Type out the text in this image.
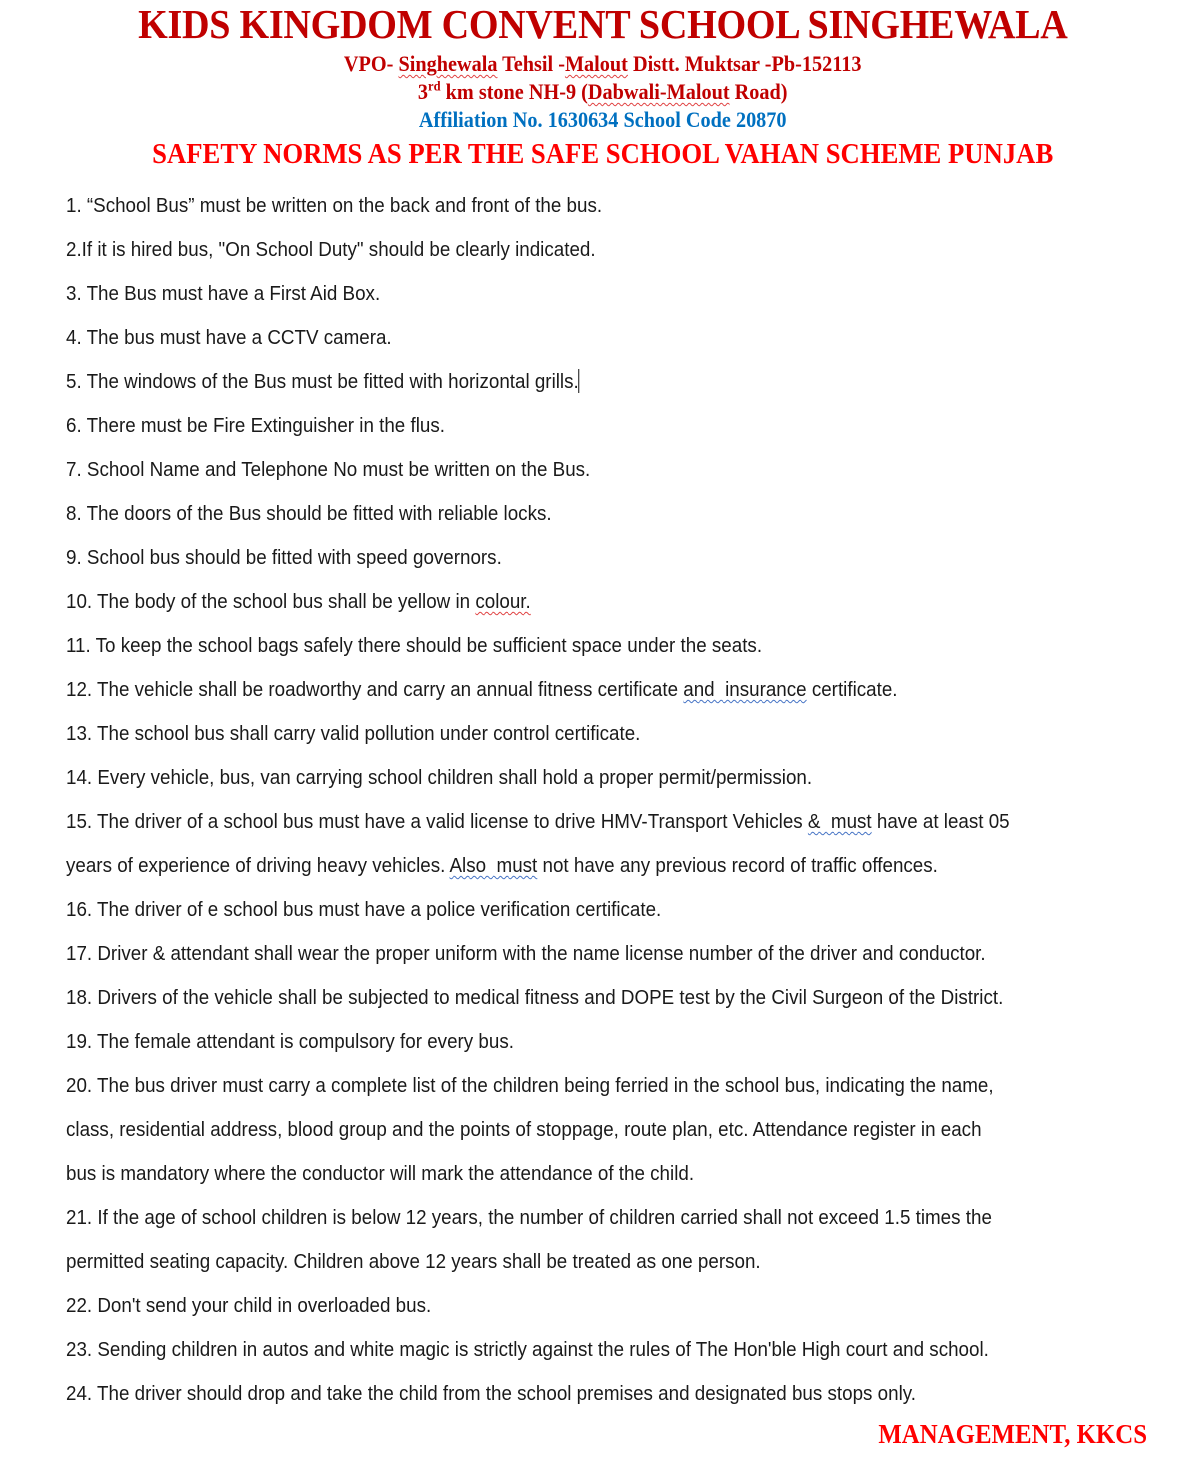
KIDS KINGDOM CONVENT SCHOOL SINGHEWALA
VPO- Singhewala Tehsil -Malout Distt. Muktsar -Pb-152113
3rd km stone NH-9 (Dabwali-Malout Road)
Affiliation No. 1630634 School Code 20870
SAFETY NORMS AS PER THE SAFE SCHOOL VAHAN SCHEME PUNJAB
1. “School Bus” must be written on the back and front of the bus.
2.If it is hired bus, "On School Duty" should be clearly indicated.
3. The Bus must have a First Aid Box.
4. The bus must have a CCTV camera.
5. The windows of the Bus must be fitted with horizontal grills.
6. There must be Fire Extinguisher in the flus.
7. School Name and Telephone No must be written on the Bus.
8. The doors of the Bus should be fitted with reliable locks.
9. School bus should be fitted with speed governors.
10. The body of the school bus shall be yellow in colour.
11. To keep the school bags safely there should be sufficient space under the seats.
12. The vehicle shall be roadworthy and carry an annual fitness certificate and  insurance certificate.
13. The school bus shall carry valid pollution under control certificate.
14. Every vehicle, bus, van carrying school children shall hold a proper permit/permission.
15. The driver of a school bus must have a valid license to drive HMV-Transport Vehicles &  must have at least 05
years of experience of driving heavy vehicles. Also  must not have any previous record of traffic offences.
16. The driver of e school bus must have a police verification certificate.
17. Driver & attendant shall wear the proper uniform with the name license number of the driver and conductor.
18. Drivers of the vehicle shall be subjected to medical fitness and DOPE test by the Civil Surgeon of the District.
19. The female attendant is compulsory for every bus.
20. The bus driver must carry a complete list of the children being ferried in the school bus, indicating the name,
class, residential address, blood group and the points of stoppage, route plan, etc. Attendance register in each
bus is mandatory where the conductor will mark the attendance of the child.
21. If the age of school children is below 12 years, the number of children carried shall not exceed 1.5 times the
permitted seating capacity. Children above 12 years shall be treated as one person.
22. Don't send your child in overloaded bus.
23. Sending children in autos and white magic is strictly against the rules of The Hon'ble High court and school.
24. The driver should drop and take the child from the school premises and designated bus stops only.
MANAGEMENT, KKCS
